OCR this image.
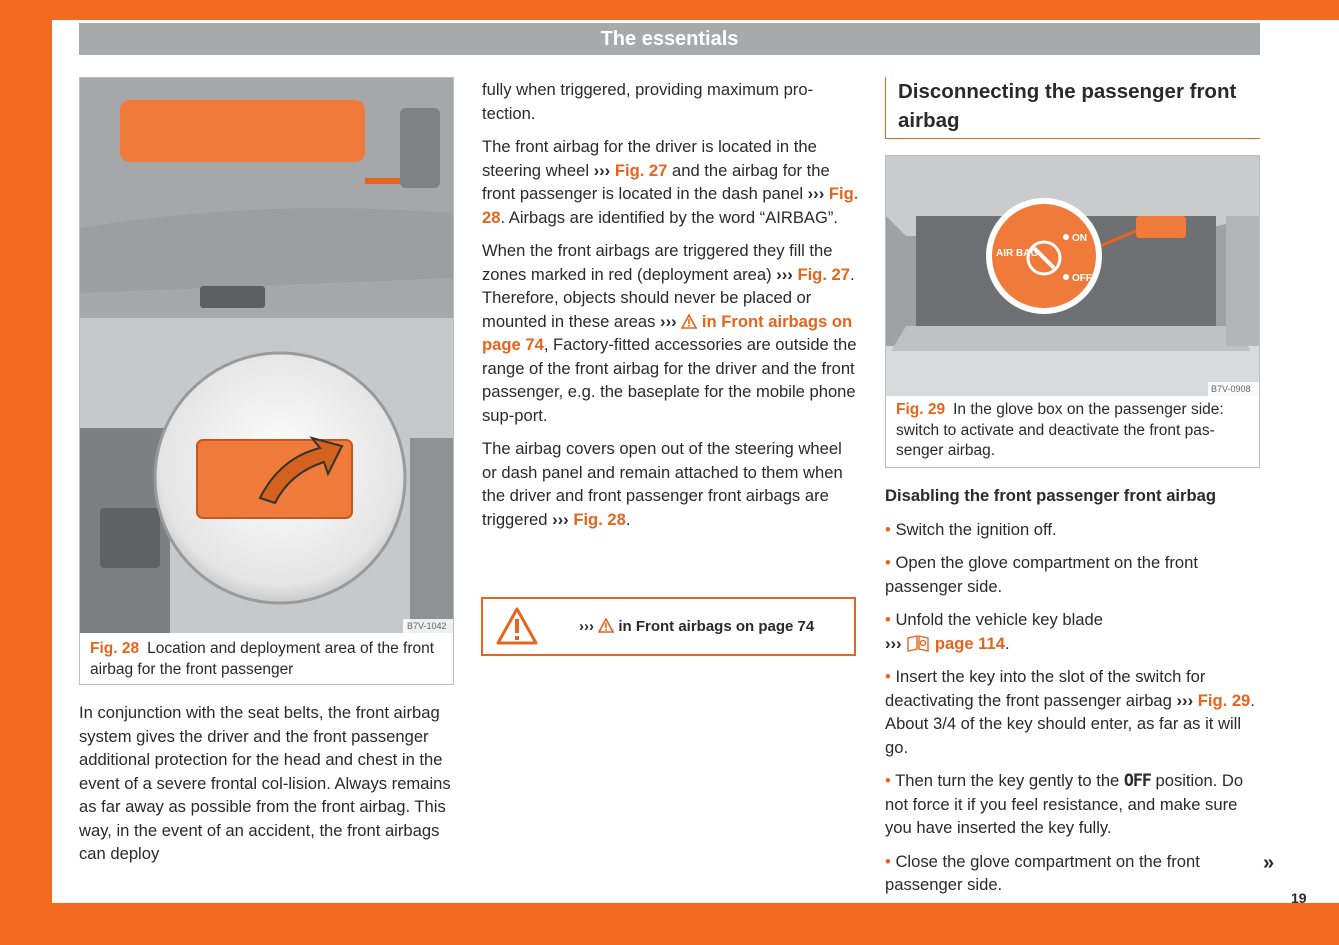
The essentials
B7V-1042
Fig. 28 Location and deployment area of the front airbag for the front passenger

In conjunction with the seat belts, the front airbag system gives the driver and the front passenger additional protection for the head and chest in the event of a severe frontal col-lision. Always remains as far away as possible from the front airbag. This way, in the event of an accident, the front airbags can deploy

fully when triggered, providing maximum pro-tection.

The front airbag for the driver is located in the steering wheel ››› Fig. 27 and the airbag for the front passenger is located in the dash panel ››› Fig. 28. Airbags are identified by the word “AIRBAG”.

When the front airbags are triggered they fill the zones marked in red (deployment area) ››› Fig. 27. Therefore, objects should never be placed or mounted in these areas ››› in Front airbags on page 74, Factory-fitted accessories are outside the range of the front airbag for the driver and the front passenger, e.g. the baseplate for the mobile phone sup-port.

The airbag covers open out of the steering wheel or dash panel and remain attached to them when the driver and front passenger front airbags are triggered ››› Fig. 28.

››› in Front airbags on page 74
Disconnecting the passenger front airbag
AIR BAG
ON
OFF
B7V-0908
Fig. 29 In the glove box on the passenger side: switch to activate and deactivate the front pas-senger airbag.

Disabling the front passenger front airbag

• Switch the ignition off.

• Open the glove compartment on the front passenger side.

• Unfold the vehicle key blade
››› page 114.

• Insert the key into the slot of the switch for deactivating the front passenger airbag ››› Fig. 29. About 3/4 of the key should enter, as far as it will go.

• Then turn the key gently to the OFF position. Do not force it if you feel resistance, and make sure you have inserted the key fully.

• Close the glove compartment on the front passenger side.

»
19
